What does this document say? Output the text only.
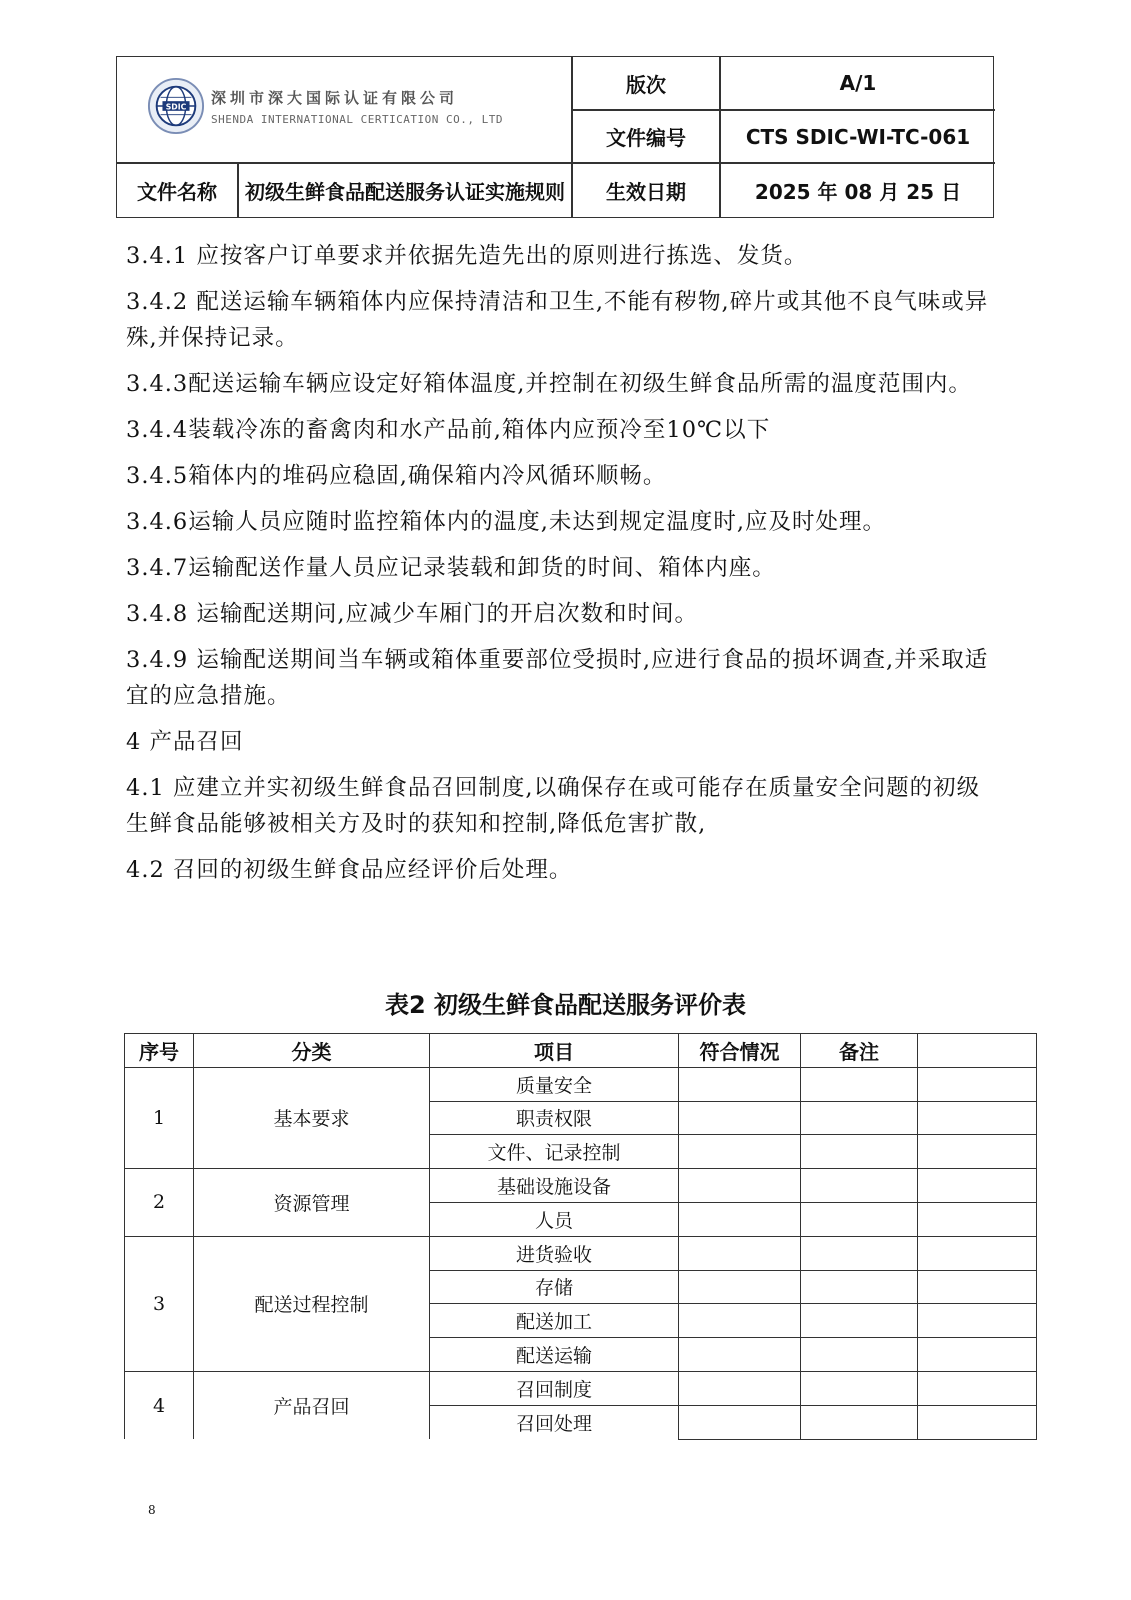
SDIC
深圳市深大国际认证有限公司
SHENDA INTERNATIONAL CERTICATION CO., LTD
版次	A/1
文件编号	CTS SDIC-WI-TC-061
文件名称	初级生鲜食品配送服务认证实施规则	生效日期	2025 年 08 月 25 日

3.4.1 应按客户订单要求并依据先造先出的原则进行拣选、发货。

3.4.2 配送运输车辆箱体内应保持清洁和卫生,不能有秽物,碎片或其他不良气味或异殊,并保持记录。

3.4.3配送运输车辆应设定好箱体温度,并控制在初级生鲜食品所需的温度范围内。

3.4.4装载冷冻的畜禽肉和水产品前,箱体内应预冷至10℃以下

3.4.5箱体内的堆码应稳固,确保箱内冷风循环顺畅。

3.4.6运输人员应随时监控箱体内的温度,未达到规定温度时,应及时处理。

3.4.7运输配送作量人员应记录装载和卸货的时间、箱体内座。

3.4.8 运输配送期问,应减少车厢门的开启次数和时间。

3.4.9 运输配送期间当车辆或箱体重要部位受损时,应进行食品的损坏调查,并采取适宜的应急措施。

4 产品召回

4.1 应建立并实初级生鲜食品召回制度,以确保存在或可能存在质量安全问题的初级生鲜食品能够被相关方及时的获知和控制,降低危害扩散,

4.2 召回的初级生鲜食品应经评价后处理。

表2 初级生鲜食品配送服务评价表
序号	分类	项目	符合情况	备注	
1	基本要求	质量安全			
		职责权限			
		文件、记录控制			
2	资源管理	基础设施设备			
		人员			
3	配送过程控制	进货验收			
		存储			
		配送加工			
		配送运输			
4	产品召回	召回制度			
		召回处理			
8
